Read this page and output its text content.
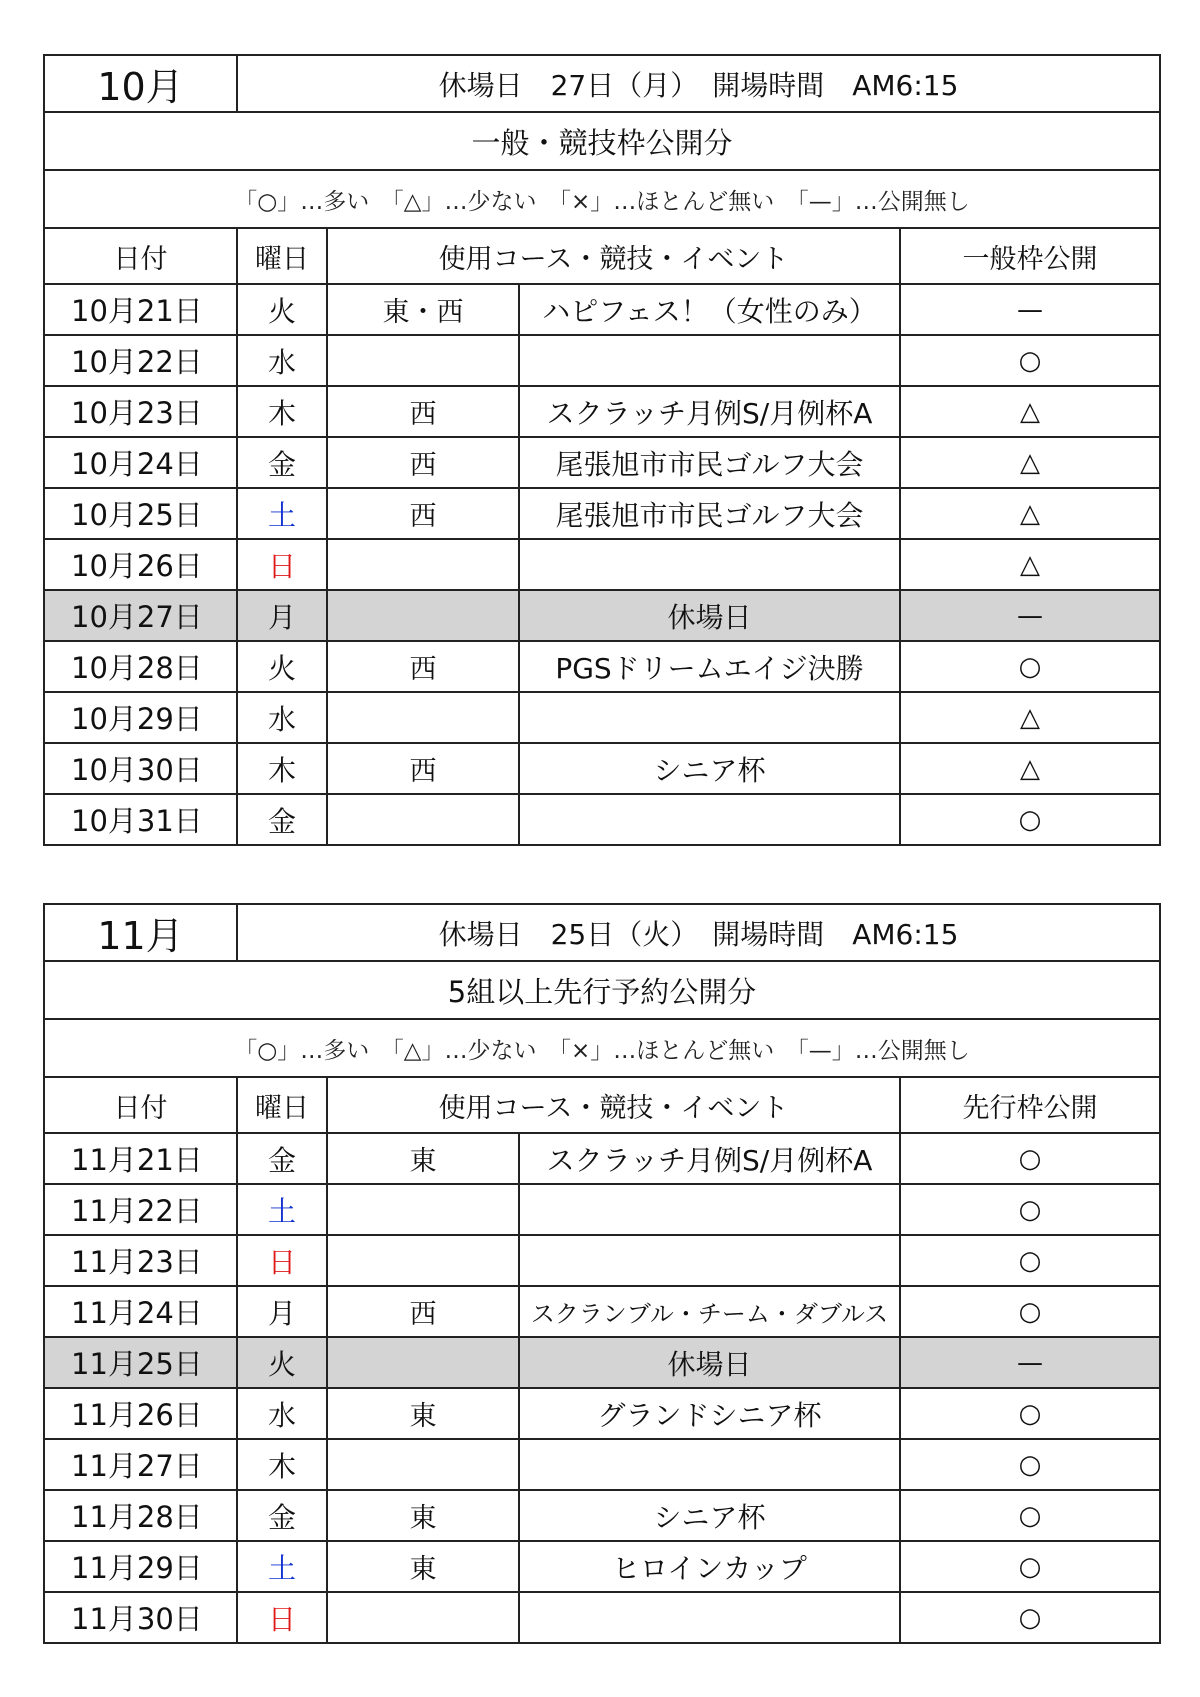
10月	休場日　27日（月）　開場時間　AM6:15			
一般・競技枠公開分				
「○」…多い　「△」…少ない　「×」…ほとんど無い　「—」…公開無し				
日付	曜日	使用コース・競技・イベント		一般枠公開
10月21日	火	東・西	ハピフェス！（女性のみ）	—
10月22日	水			○
10月23日	木	西	スクラッチ月例S/月例杯A	△
10月24日	金	西	尾張旭市市民ゴルフ大会	△
10月25日	土	西	尾張旭市市民ゴルフ大会	△
10月26日	日			△
10月27日	月		休場日	—
10月28日	火	西	PGSドリームエイジ決勝	○
10月29日	水			△
10月30日	木	西	シニア杯	△
10月31日	金			○
11月	休場日　25日（火）　開場時間　AM6:15			
5組以上先行予約公開分				
「○」…多い　「△」…少ない　「×」…ほとんど無い　「—」…公開無し				
日付	曜日	使用コース・競技・イベント		先行枠公開
11月21日	金	東	スクラッチ月例S/月例杯A	○
11月22日	土			○
11月23日	日			○
11月24日	月	西	スクランブル・チーム・ダブルス	○
11月25日	火		休場日	—
11月26日	水	東	グランドシニア杯	○
11月27日	木			○
11月28日	金	東	シニア杯	○
11月29日	土	東	ヒロインカップ	○
11月30日	日			○
